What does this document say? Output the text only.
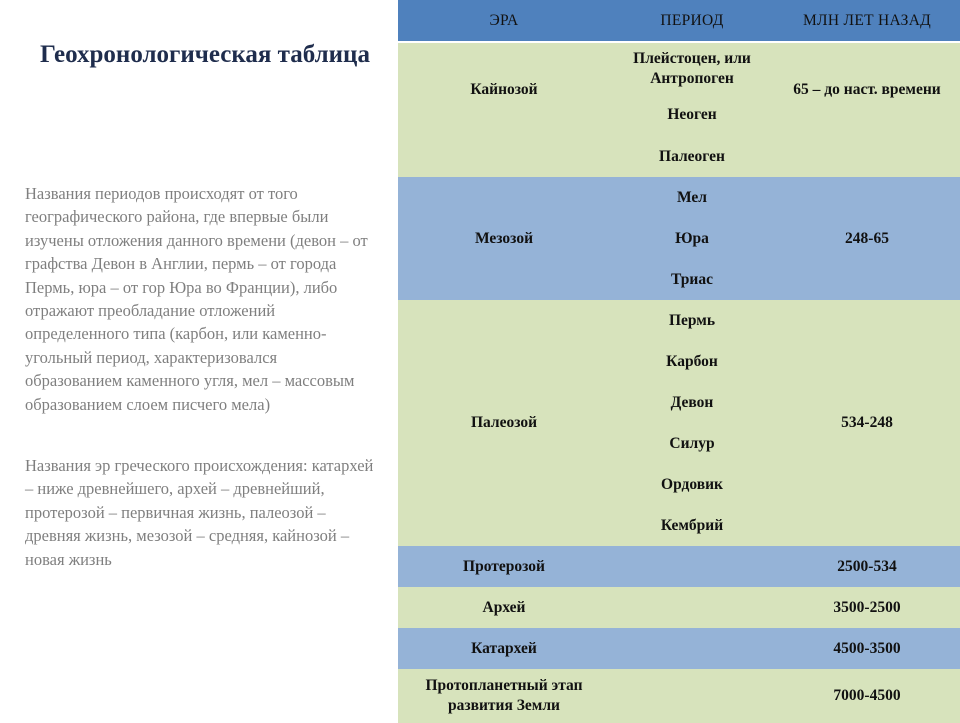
Геохронологическая таблица

Названия периодов происходят от того географического района, где впервые были изучены отложения данного времени (девон – от графства Девон в Англии, пермь – от города Пермь, юра – от гор Юра во Франции), либо отражают преобладание отложений определенного типа (карбон, или каменно-угольный период, характеризовался образованием каменного угля, мел – массовым образованием слоем писчего мела)

Названия эр греческого происхождения: катархей – ниже древнейшего, архей – древнейший, протерозой – первичная жизнь, палеозой – древняя жизнь, мезозой – средняя, кайнозой – новая жизнь

ЭРА	ПЕРИОД	МЛН ЛЕТ НАЗАД
Кайнозой	Плейстоцен, или Антропоген	65 – до наст. времени
	Неоген	
	Палеоген	
Мезозой	Мел	248-65
	Юра	
	Триас	
Палеозой	Пермь	534-248
	Карбон	
	Девон	
	Силур	
	Ордовик	
	Кембрий	
Протерозой		2500-534
Архей		3500-2500
Катархей		4500-3500
Протопланетный этап развития Земли		7000-4500
